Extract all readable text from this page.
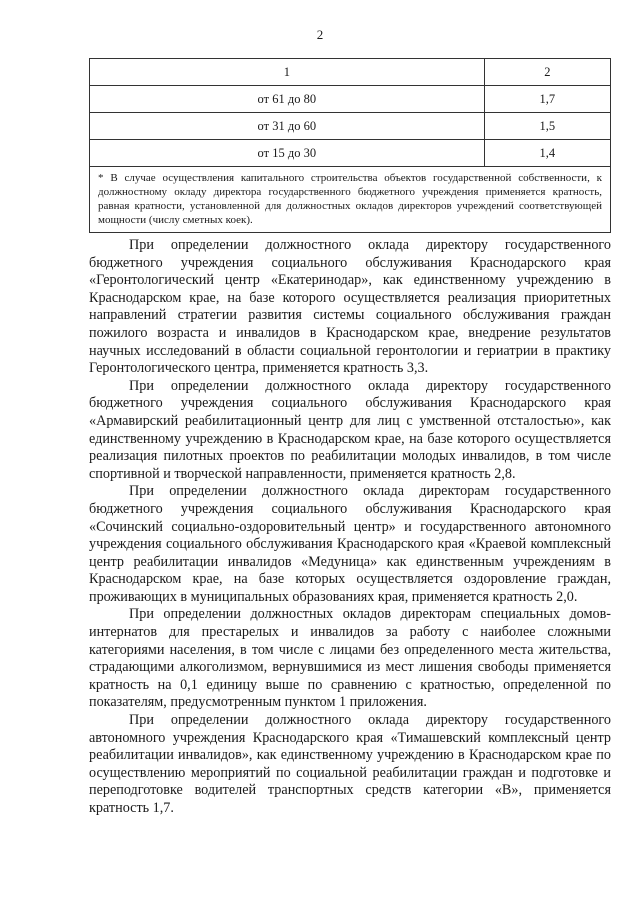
2
1	2
от 61 до 80	1,7
от 31 до 60	1,5
от 15 до 30	1,4
* В случае осуществления капитального строительства объектов государственной собственности, к должностному окладу директора государственного бюджетного учреждения применяется кратность, равная кратности, установленной для должностных окладов директоров учреждений соответствующей мощности (числу сметных коек).	

При определении должностного оклада директору государственного бюджетного учреждения социального обслуживания Краснодарского края «Геронтологический центр «Екатеринодар», как единственному учреждению в Краснодарском крае, на базе которого осуществляется реализация приоритетных направлений стратегии развития системы социального обслуживания граждан пожилого возраста и инвалидов в Краснодарском крае, внедрение результатов научных исследований в области социальной геронтологии и гериатрии в практику Геронтологического центра, применяется кратность 3,3.

При определении должностного оклада директору государственного бюджетного учреждения социального обслуживания Краснодарского края «Армавирский реабилитационный центр для лиц с умственной отсталостью», как единственному учреждению в Краснодарском крае, на базе которого осуществляется реализация пилотных проектов по реабилитации молодых инвалидов, в том числе спортивной и творческой направленности, применяется кратность 2,8.

При определении должностного оклада директорам государственного бюджетного учреждения социального обслуживания Краснодарского края «Сочинский социально-оздоровительный центр» и государственного автономного учреждения социального обслуживания Краснодарского края «Краевой комплексный центр реабилитации инвалидов «Медуница» как единственным учреждениям в Краснодарском крае, на базе которых осуществляется оздоровление граждан, проживающих в муниципальных образованиях края, применяется кратность 2,0.

При определении должностных окладов директорам специальных домов-интернатов для престарелых и инвалидов за работу с наиболее сложными категориями населения, в том числе с лицами без определенного места жительства, страдающими алкоголизмом, вернувшимися из мест лишения свободы применяется кратность на 0,1 единицу выше по сравнению с кратностью, определенной по показателям, предусмотренным пунктом 1 приложения.

При определении должностного оклада директору государственного автономного учреждения Краснодарского края «Тимашевский комплексный центр реабилитации инвалидов», как единственному учреждению в Краснодарском крае по осуществлению мероприятий по социальной реабилитации граждан и подготовке и переподготовке водителей транспортных средств категории «В», применяется кратность 1,7.
